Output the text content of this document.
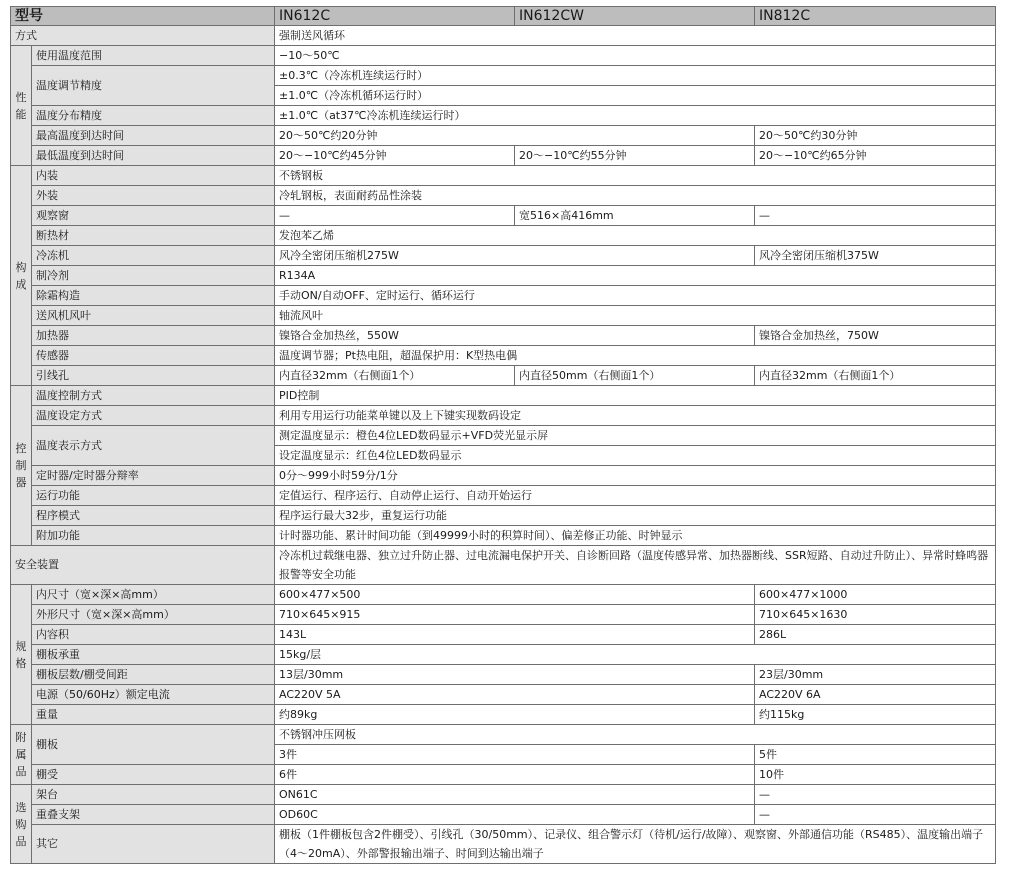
型号		IN612C	IN612CW	IN812C
方式		强制送风循环		

性能	使用温度范围	−10～50℃		
	温度调节精度	±0.3℃（冷冻机连续运行时）		
		±1.0℃（冷冻机循环运行时）		
	温度分布精度	±1.0℃（at37℃冷冻机连续运行时）		
	最高温度到达时间	20～50℃约20分钟		20～50℃约30分钟
	最低温度到达时间	20～−10℃约45分钟	20～−10℃约55分钟	20～−10℃约65分钟

构成	内装	不锈钢板		
	外装	冷轧钢板，表面耐药品性涂装		
	观察窗	—	宽516×高416mm	—
	断热材	发泡苯乙烯		
	冷冻机	风冷全密闭压缩机275W		风冷全密闭压缩机375W
	制冷剂	R134A		
	除霜构造	手动ON/自动OFF、定时运行、循环运行		
	送风机风叶	轴流风叶		
	加热器	镍铬合金加热丝，550W		镍铬合金加热丝，750W
	传感器	温度调节器；Pt热电阻，超温保护用：K型热电偶		
	引线孔	内直径32mm（右侧面1个）	内直径50mm（右侧面1个）	内直径32mm（右侧面1个）

控制器	温度控制方式	PID控制		
	温度设定方式	利用专用运行功能菜单键以及上下键实现数码设定		
	温度表示方式	测定温度显示：橙色4位LED数码显示+VFD荧光显示屏		
		设定温度显示：红色4位LED数码显示		
	定时器/定时器分辩率	0分～999小时59分/1分		
	运行功能	定值运行、程序运行、自动停止运行、自动开始运行		
	程序模式	程序运行最大32步，重复运行功能		
	附加功能	计时器功能、累计时间功能（到49999小时的积算时间）、偏差修正功能、时钟显示		
安全装置		冷冻机过载继电器、独立过升防止器、过电流漏电保护开关、自诊断回路（温度传感异常、加热器断线、SSR短路、自动过升防止）、异常时蜂鸣器报警等安全功能		

规格	内尺寸（宽×深×高mm）	600×477×500		600×477×1000
	外形尺寸（宽×深×高mm）	710×645×915		710×645×1630
	内容积	143L		286L
	棚板承重	15kg/层		
	棚板层数/棚受间距	13层/30mm		23层/30mm
	电源（50/60Hz）额定电流	AC220V 5A		AC220V 6A
	重量	约89kg		约115kg

附属品	棚板	不锈钢冲压网板		
		3件		5件
	棚受	6件		10件

选购品	架台	ON61C		—
	重叠支架	OD60C		—
	其它	棚板（1件棚板包含2件棚受）、引线孔（30/50mm）、记录仪、组合警示灯（待机/运行/故障）、观察窗、外部通信功能（RS485）、温度输出端子（4～20mA）、外部警报输出端子、时间到达输出端子		
